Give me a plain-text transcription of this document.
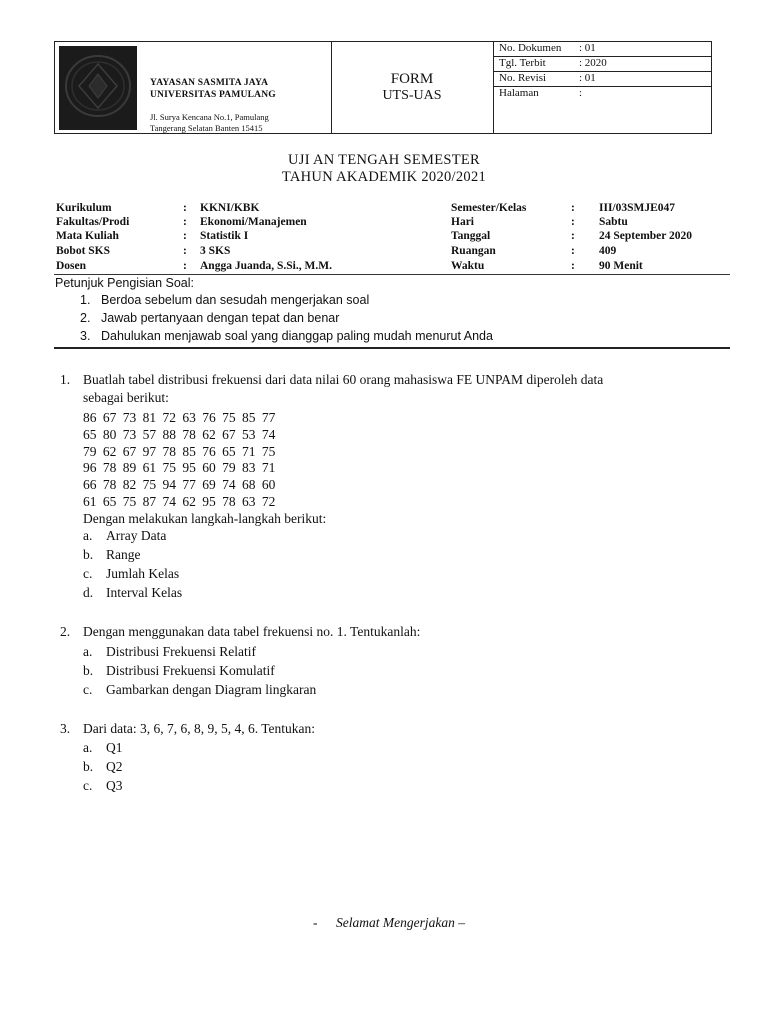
YAYASAN SASMITA JAYA
UNIVERSITAS PAMULANG
Jl. Surya Kencana No.1, Pamulang
Tangerang Selatan Banten 15415
FORM
UTS-UAS
No. Dokumen : 01
Tgl. Terbit	: 2020
No. Revisi	: 01
Halaman	:
UJI AN TENGAH SEMESTER
TAHUN AKADEMIK 2020/2021
Kurikulum	: KKNI/KBK
Fakultas/Prodi	: Ekonomi/Manajemen
Mata Kuliah	: Statistik I
Bobot SKS	: 3 SKS
Dosen	: Angga Juanda, S.Si., M.M.
Semester/Kelas	: III/03SMJE047
Hari	: Sabtu
Tanggal	: 24 September 2020
Ruangan	: 409
Waktu	: 90 Menit
Petunjuk Pengisian Soal:
1. Berdoa sebelum dan sesudah mengerjakan soal
2. Jawab pertanyaan dengan tepat dan benar
3. Dahulukan menjawab soal yang dianggap paling mudah menurut Anda
1. Buatlah tabel distribusi frekuensi dari data nilai 60 orang mahasiswa FE UNPAM diperoleh data
sebagai berikut:
86 67 73 81 72 63 76 75 85 77
65 80 73 57 88 78 62 67 53 74
79 62 67 97 78 85 76 65 71 75
96 78 89 61 75 95 60 79 83 71
66 78 82 75 94 77 69 74 68 60
61 65 75 87 74 62 95 78 63 72
Dengan melakukan langkah-langkah berikut:
a. Array Data
b. Range
c. Jumlah Kelas
d. Interval Kelas
2. Dengan menggunakan data tabel frekuensi no. 1. Tentukanlah:
a. Distribusi Frekuensi Relatif
b. Distribusi Frekuensi Komulatif
c. Gambarkan dengan Diagram lingkaran
3. Dari data: 3, 6, 7, 6, 8, 9, 5, 4, 6. Tentukan:
a. Q1
b. Q2
c. Q3
- Selamat Mengerjakan –
